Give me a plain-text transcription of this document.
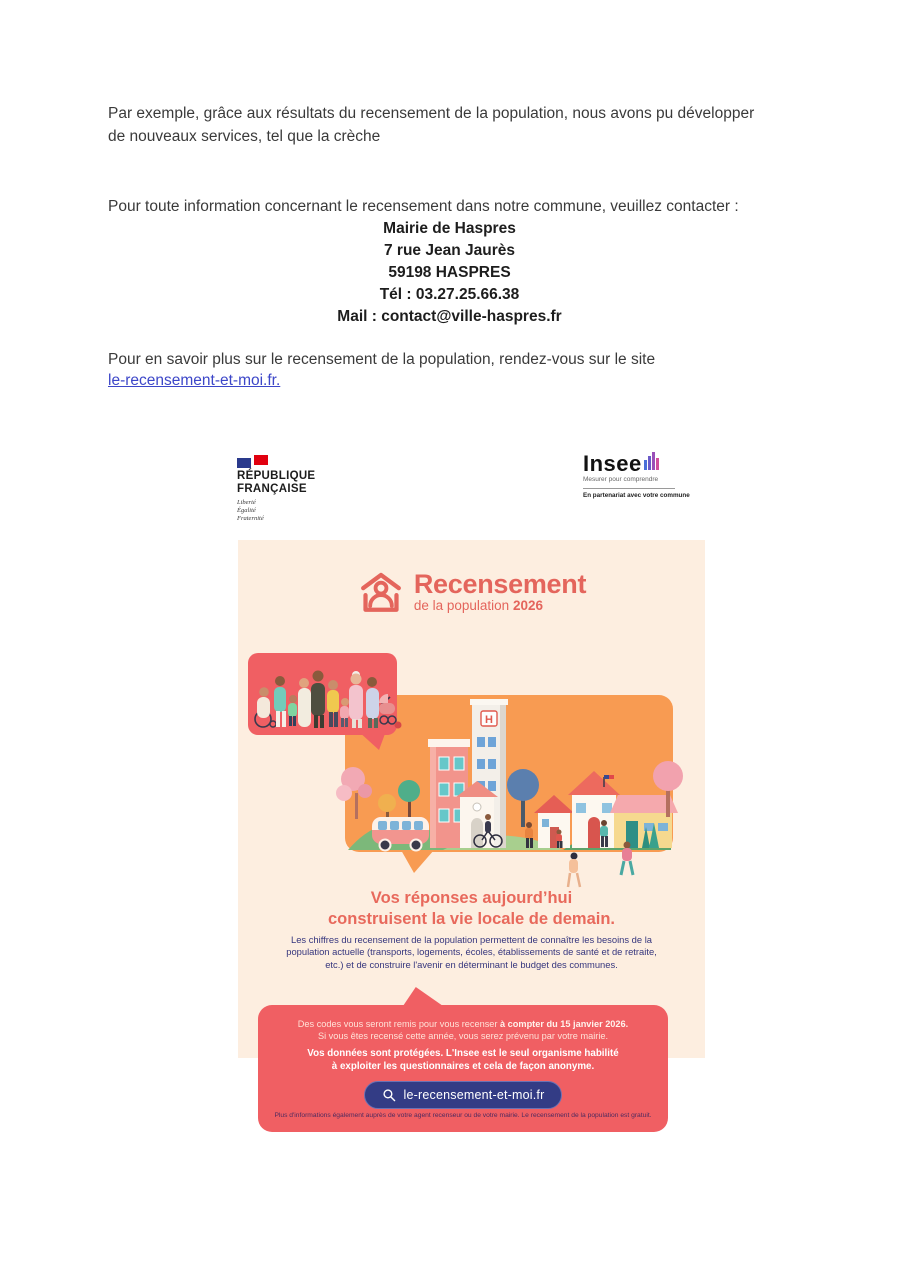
Par exemple, grâce aux résultats du recensement de la population, nous avons pu développer
de nouveaux services, tel que la crèche
Pour toute information concernant le recensement dans notre commune, veuillez contacter :
Mairie de Haspres
7 rue Jean Jaurès
59198 HASPRES
Tél : 03.27.25.66.38
Mail : contact@ville-haspres.fr
Pour en savoir plus sur le recensement de la population, rendez-vous sur le site
le-recensement-et-moi.fr.
RÉPUBLIQUE
FRANÇAISE
Liberté
Égalité
Fraternité
Insee
Mesurer pour comprendre
En partenariat avec votre commune
Recensement
de la population 2026
H
Vos réponses aujourd’hui
construisent la vie locale de demain.
Les chiffres du recensement de la population permettent de connaître les besoins de la
population actuelle (transports, logements, écoles, établissements de santé et de retraite,
etc.) et de construire l'avenir en déterminant le budget des communes.

Des codes vous seront remis pour vous recenser à compter du 15 janvier 2026.
Si vous êtes recensé cette année, vous serez prévenu par votre mairie.

Vos données sont protégées. L'Insee est le seul organisme habilité
à exploiter les questionnaires et cela de façon anonyme.

le-recensement-et-moi.fr

Plus d'informations également auprès de votre agent recenseur ou de votre mairie. Le recensement de la population est gratuit.
